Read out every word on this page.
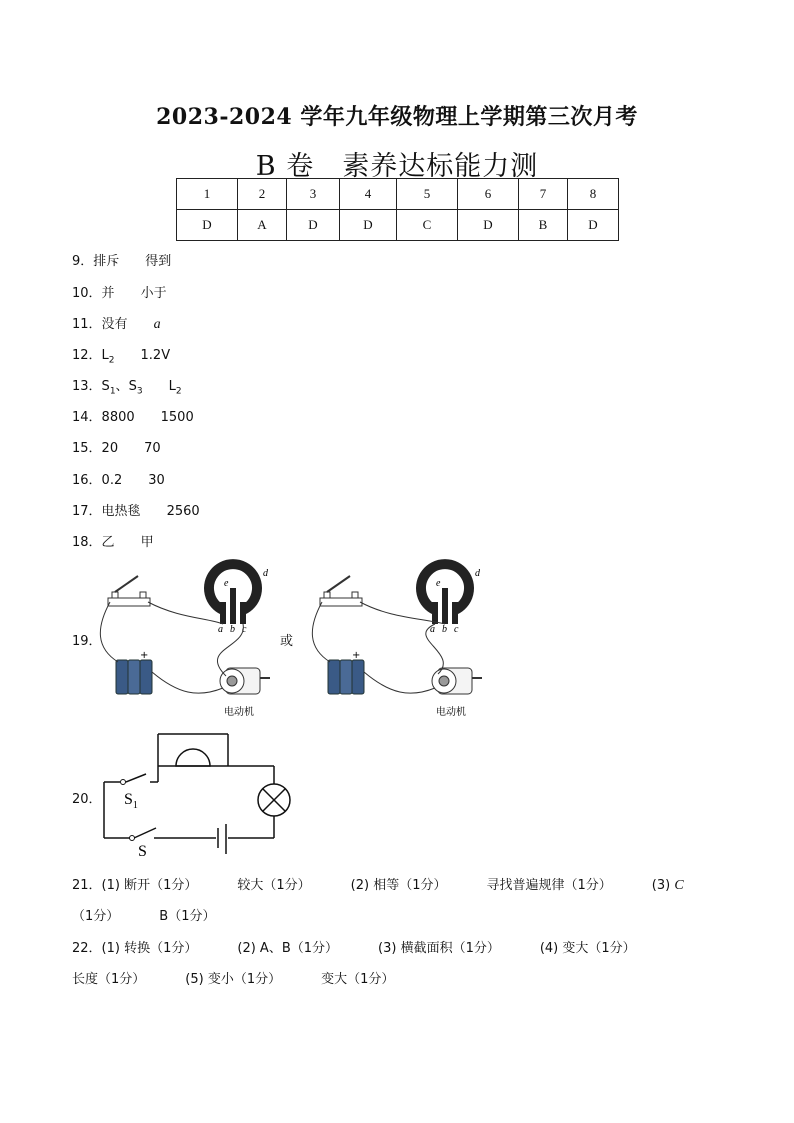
2023-2024 学年九年级物理上学期第三次月考
B 卷　素养达标能力测
1	2	3	4	5	6	7	8
D	A	D	D	C	D	B	D
9．排斥 得到
10．并 小于
11．没有 a
12．$L_2$ 1.2V
13．$S_1$、$S_3$ $L_2$
14．8800 1500
15．20 70
16．0.2 30
17．电热毯 2560
18．乙 甲
19．	或
e
d
a b c
+
电动机
e
d
a b c
+
电动机
20． $S_1$
S
21．(1) 断开（1分）	较大（1分）	(2) 相等（1分）	寻找普遍规律（1分）	(3) C
（1分）	B（1分）
22．(1) 转换（1分）	(2) A、B（1分）	(3) 横截面积（1分）	(4) 变大（1分）
长度（1分）	(5) 变小（1分）	变大（1分）
